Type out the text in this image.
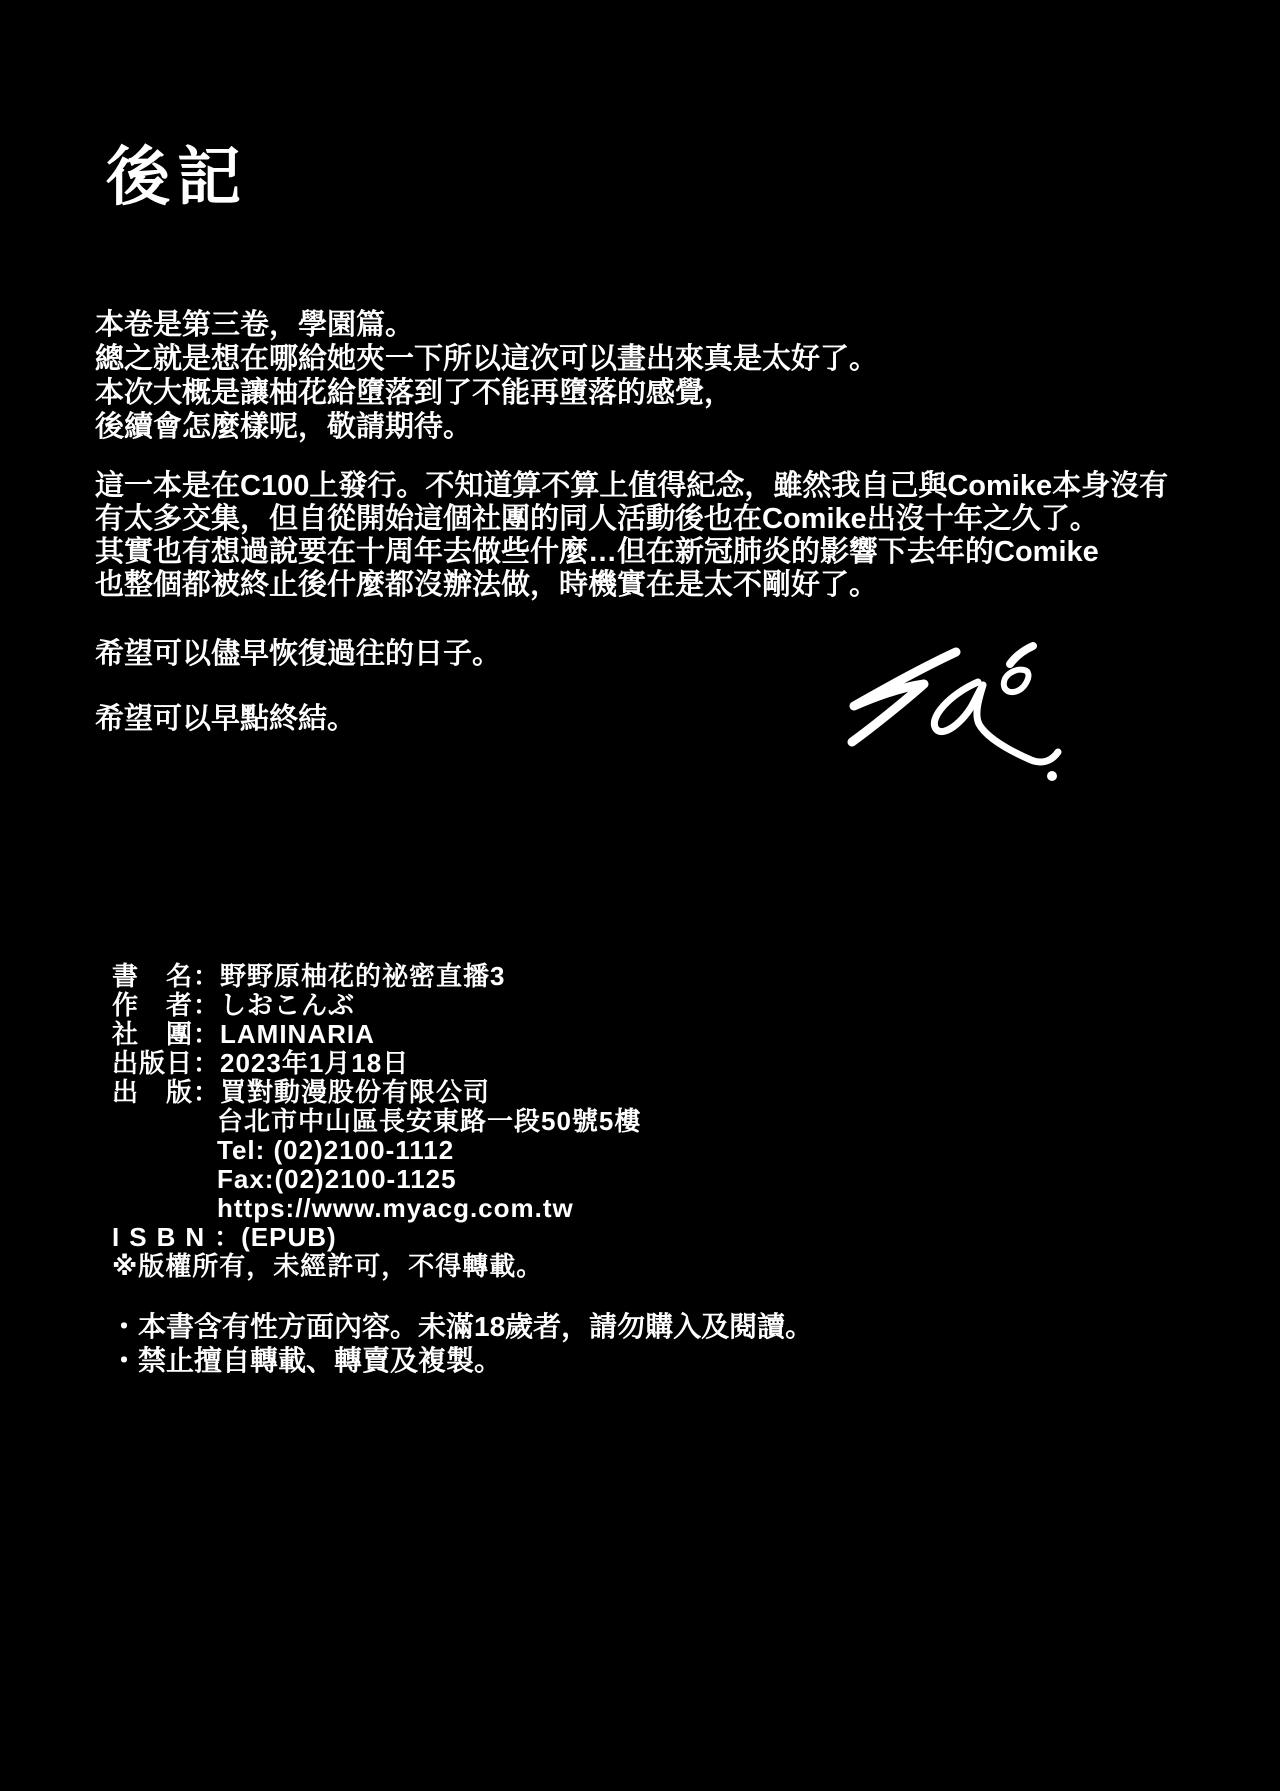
後記
本卷是第三卷，學園篇。
總之就是想在哪給她夾一下所以這次可以畫出來真是太好了。
本次大概是讓柚花給墮落到了不能再墮落的感覺，
後續會怎麼樣呢，敬請期待。
這一本是在C100上發行。不知道算不算上值得紀念，雖然我自己與Comike本身沒有
有太多交集，但自從開始這個社團的同人活動後也在Comike出沒十年之久了。
其實也有想過說要在十周年去做些什麼…但在新冠肺炎的影響下去年的Comike
也整個都被終止後什麼都沒辦法做，時機實在是太不剛好了。
希望可以儘早恢復過往的日子。
希望可以早點終結。
書　名：野野原柚花的祕密直播3
作　者：しおこんぶ
社　團：LAMINARIA
出版日：2023年1月18日
出　版：買對動漫股份有限公司
台北市中山區長安東路一段50號5樓
Tel: (02)2100-1112
Fax:(02)2100-1125
https://www.myacg.com.tw
ISBN：(EPUB)
※版權所有，未經許可，不得轉載。
・本書含有性方面內容。未滿18歲者，請勿購入及閱讀。
・禁止擅自轉載、轉賣及複製。
